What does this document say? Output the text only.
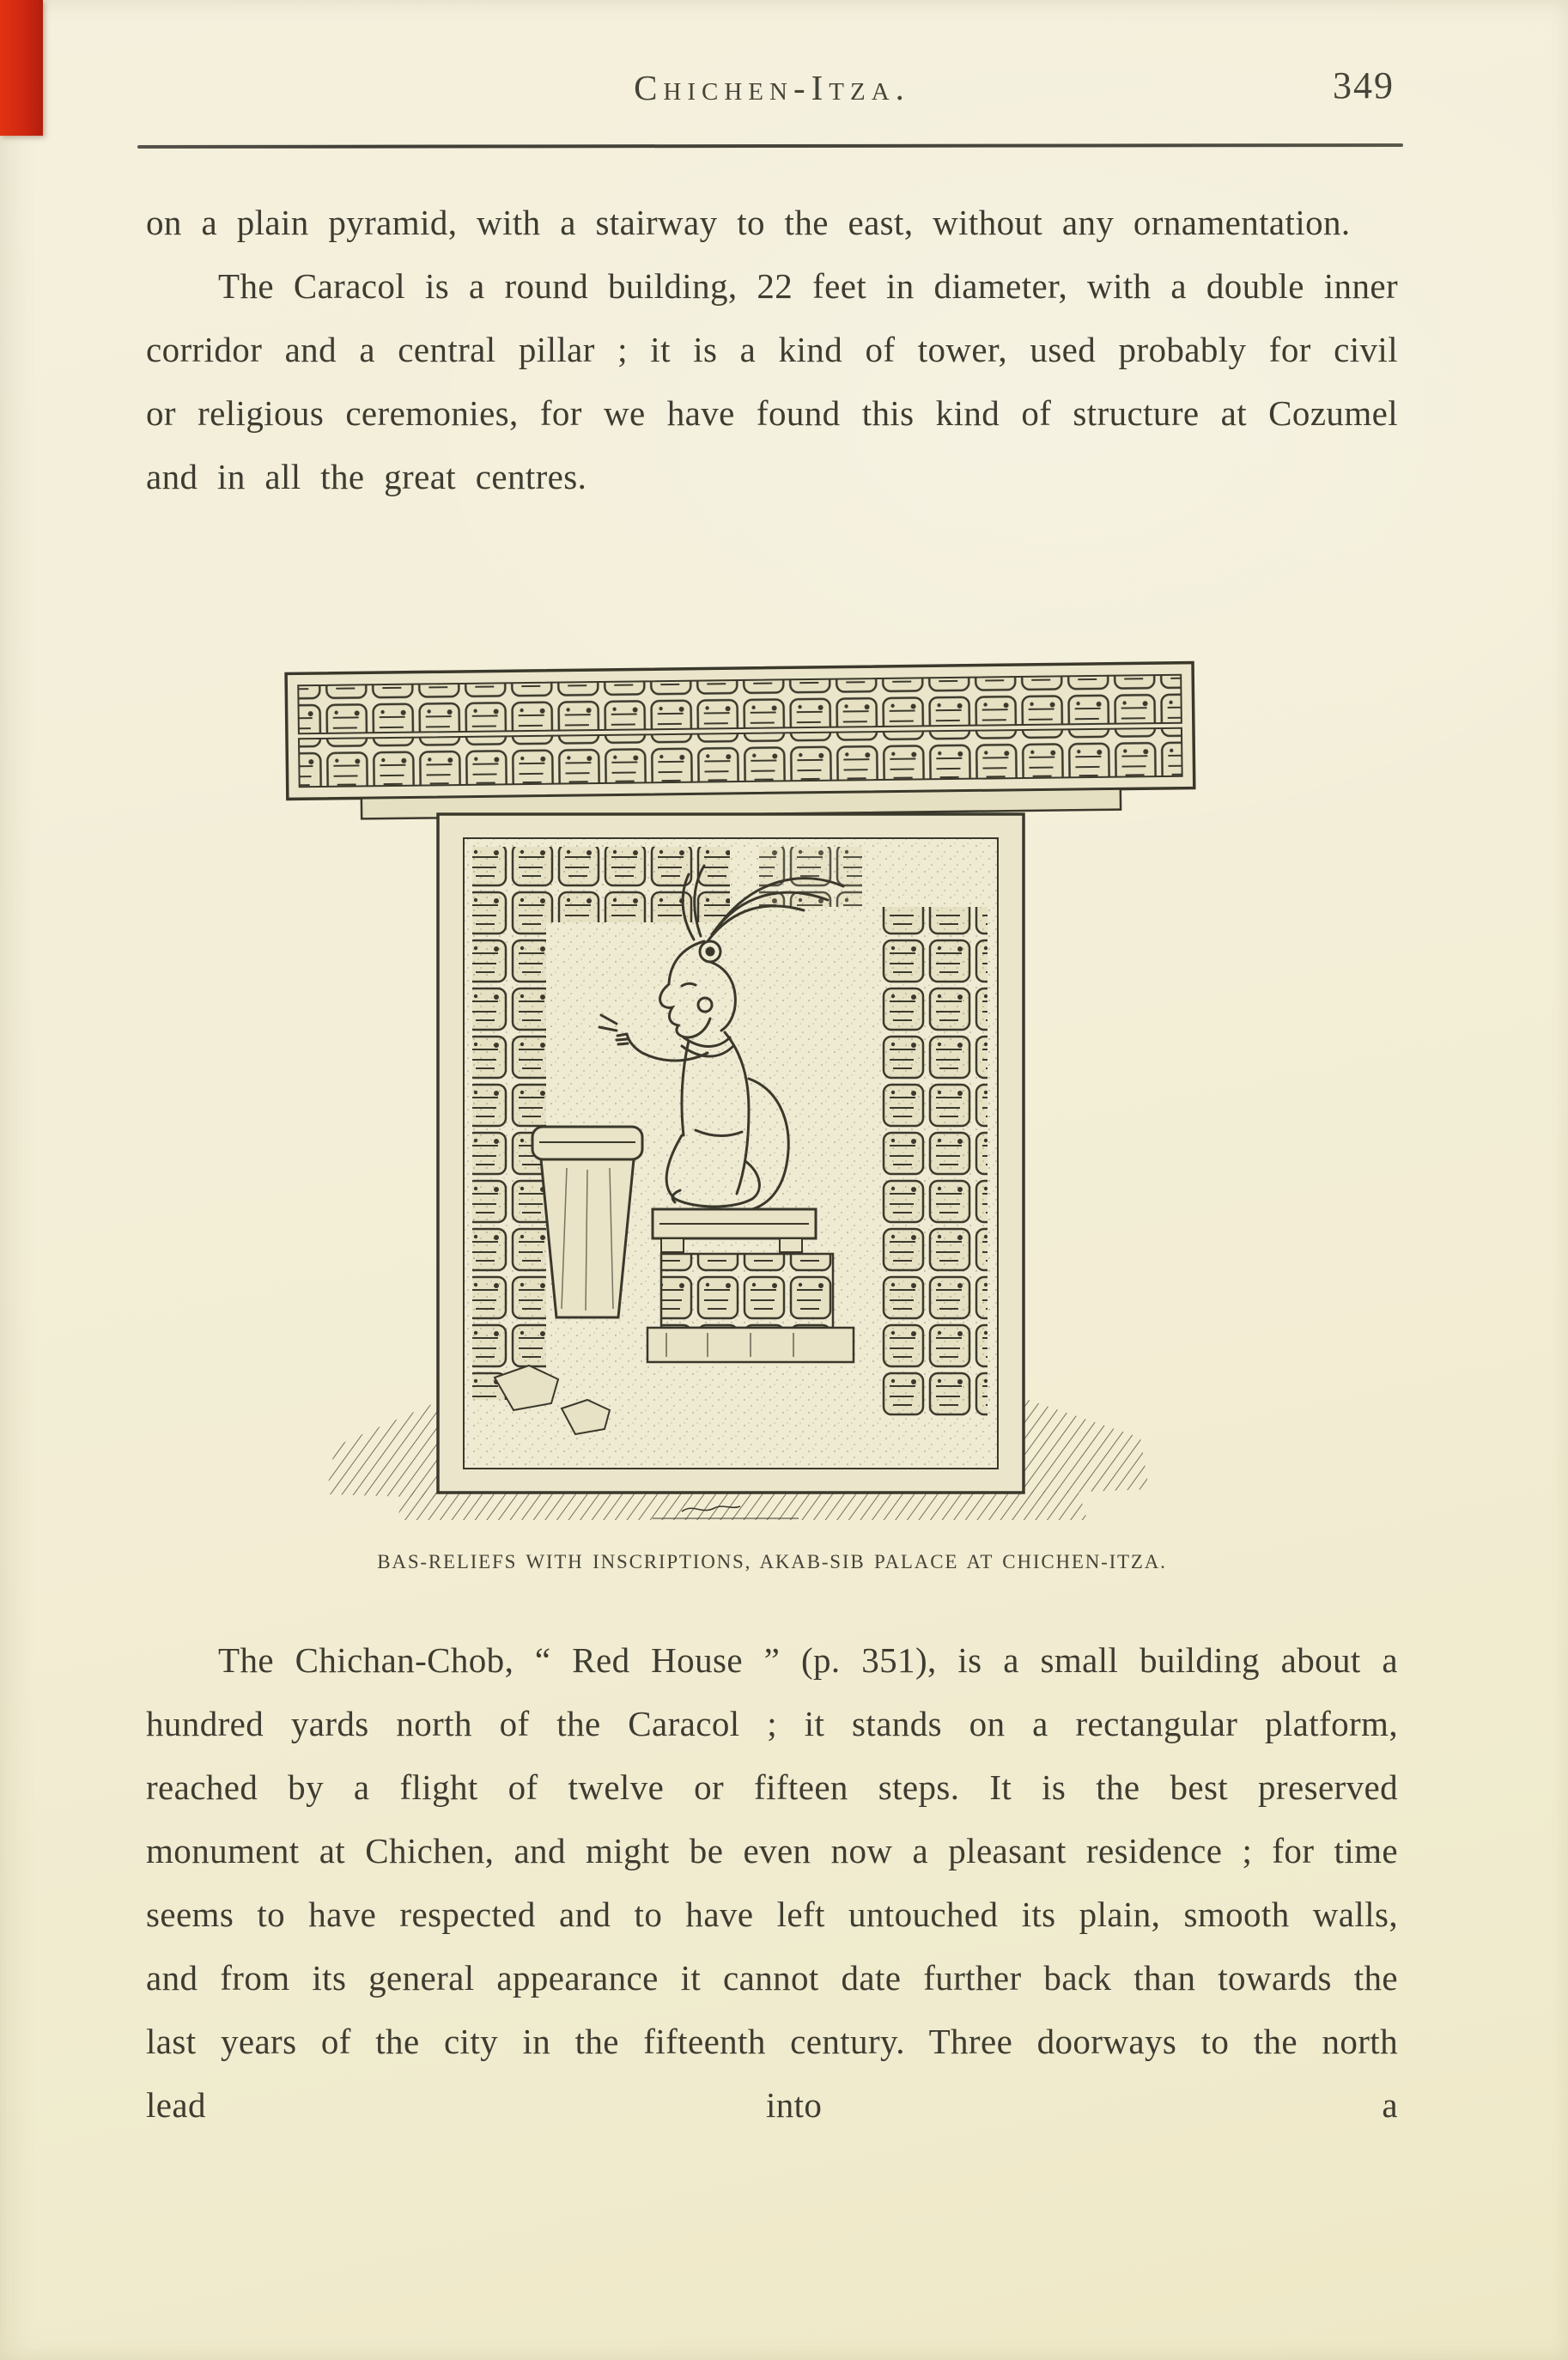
Chichen-Itza.	349

on a plain pyramid, with a stairway to the east, without any ornamentation.

The Caracol is a round building, 22 feet in diameter, with a double inner corridor and a central pillar ; it is a kind of tower, used probably for civil or religious ceremonies, for we have found this kind of structure at Cozumel and in all the great centres.

BAS-RELIEFS WITH INSCRIPTIONS, AKAB-SIB PALACE AT CHICHEN-ITZA.

The Chichan-Chob, “ Red House ” (p. 351), is a small building about a hundred yards north of the Caracol ; it stands on a rectangular platform, reached by a flight of twelve or fifteen steps. It is the best preserved monument at Chichen, and might be even now a pleasant residence ; for time seems to have respected and to have left untouched its plain, smooth walls, and from its general appearance it cannot date further back than towards the last years of the city in the fifteenth century. Three doorways to the north lead into a
